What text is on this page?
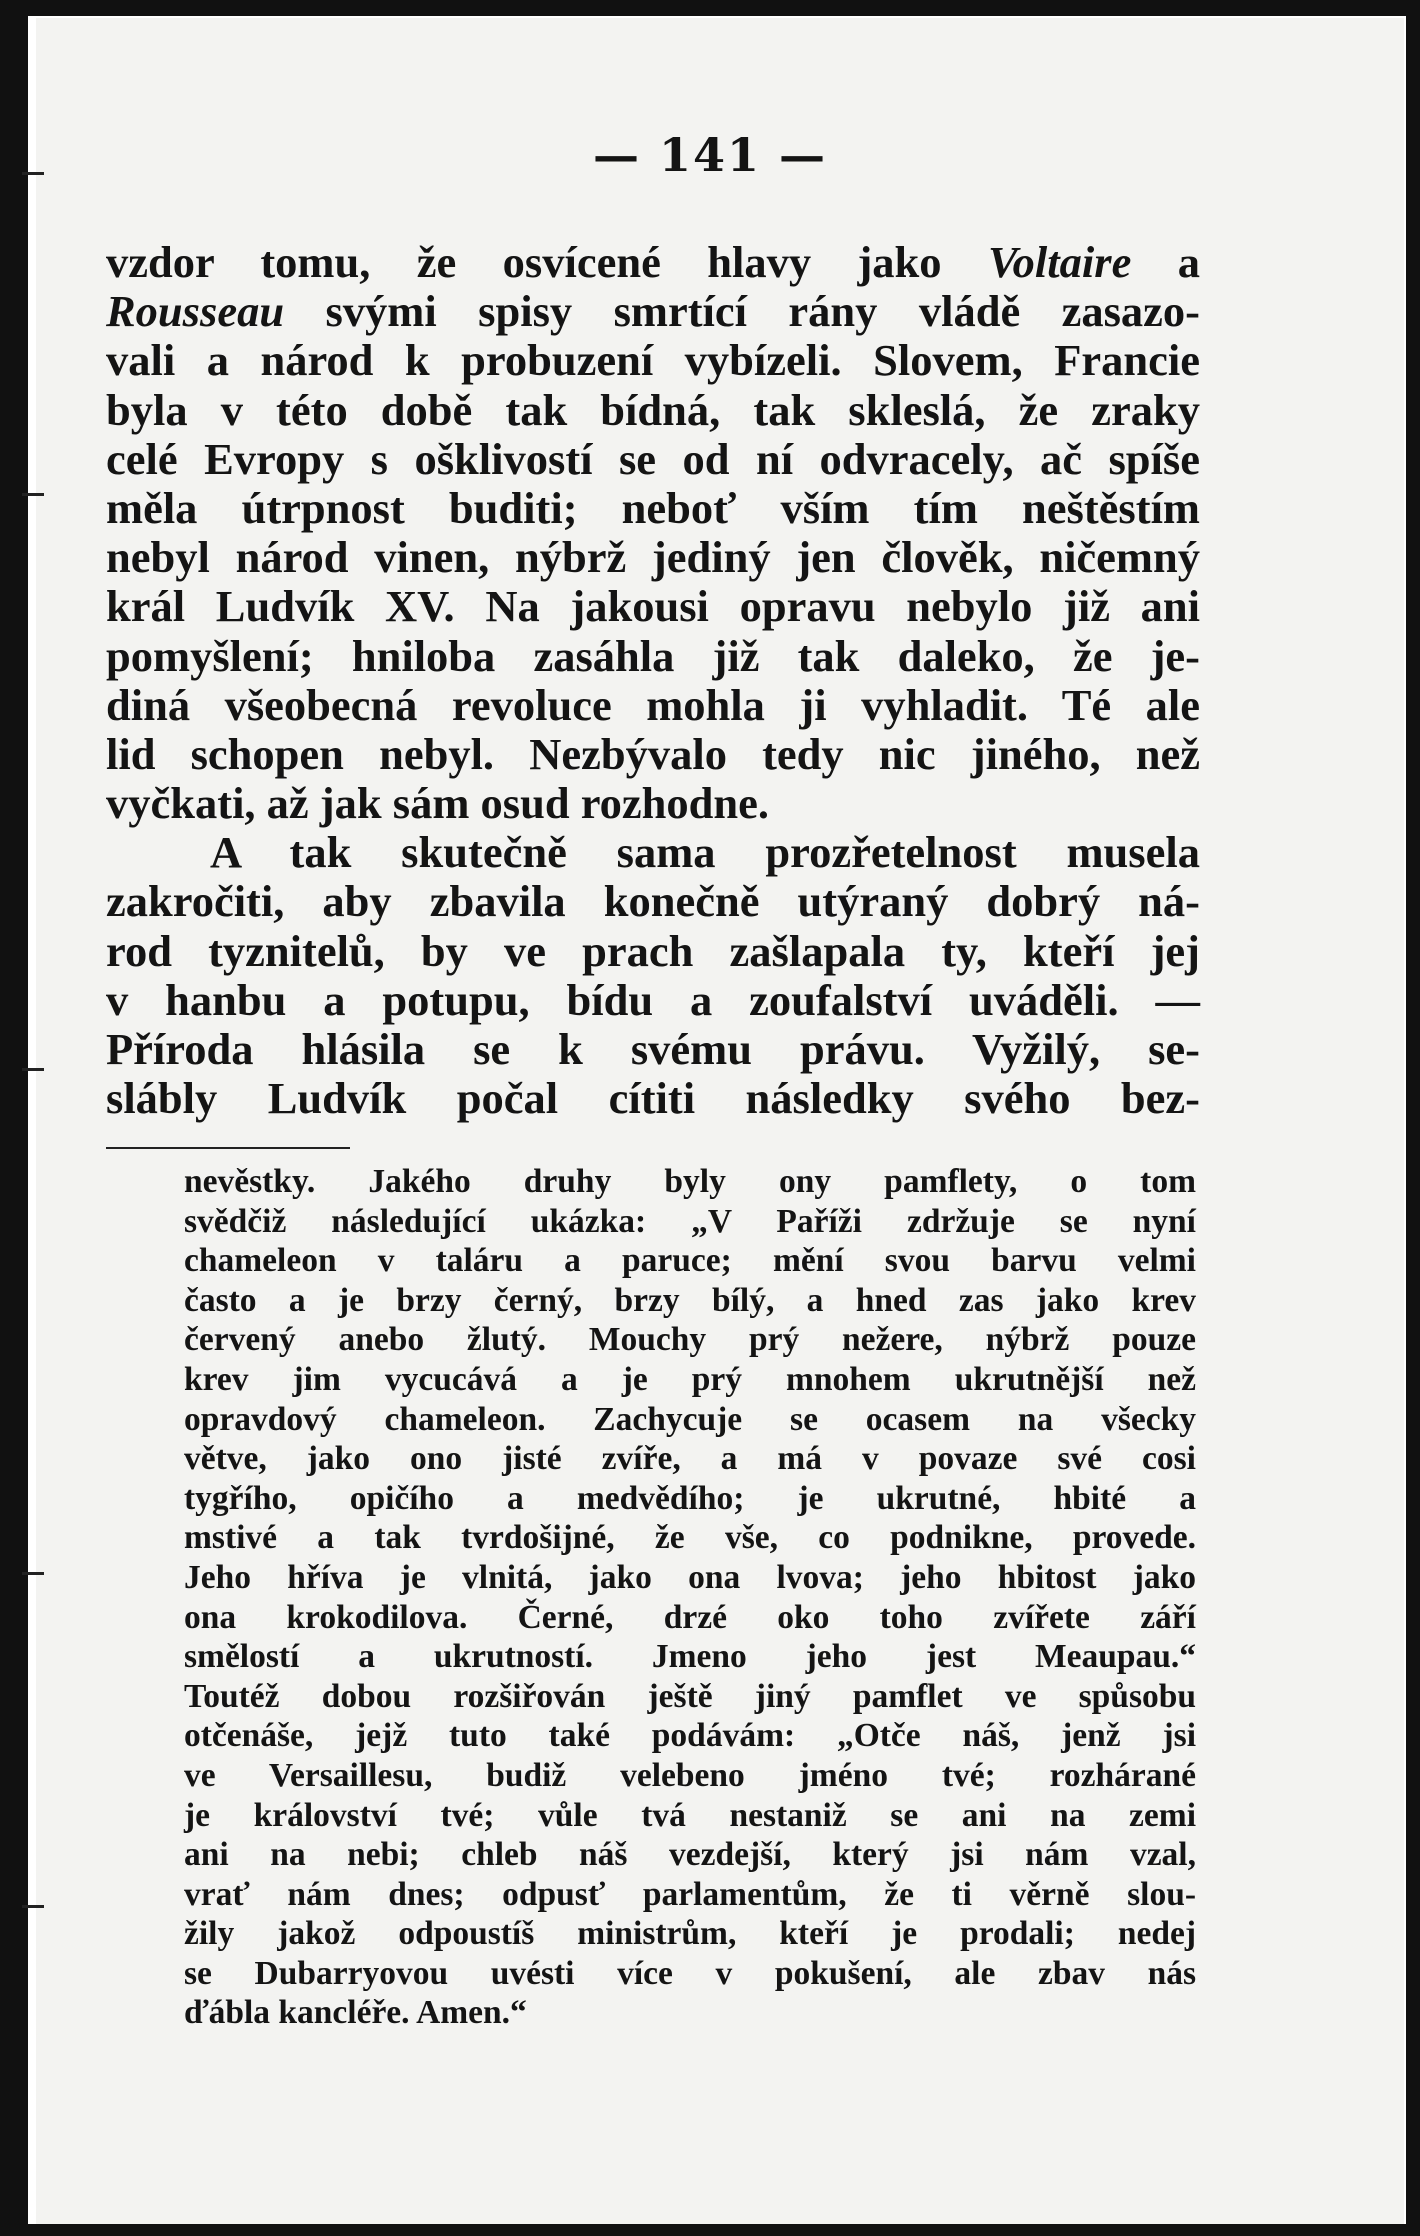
— 141 —
vzdor tomu, že osvícené hlavy jako Voltaire a
Rousseau svými spisy smrtící rány vládě zasazo-
vali a národ k probuzení vybízeli. Slovem, Francie
byla v této době tak bídná, tak skleslá, že zraky
celé Evropy s ošklivostí se od ní odvracely, ač spíše
měla útrpnost buditi; neboť vším tím neštěstím
nebyl národ vinen, nýbrž jediný jen člověk, ničemný
král Ludvík XV. Na jakousi opravu nebylo již ani
pomyšlení; hniloba zasáhla již tak daleko, že je-
diná všeobecná revoluce mohla ji vyhladit. Té ale
lid schopen nebyl. Nezbývalo tedy nic jiného, než
vyčkati, až jak sám osud rozhodne.
A tak skutečně sama prozřetelnost musela
zakročiti, aby zbavila konečně utýraný dobrý ná-
rod tyznitelů, by ve prach zašlapala ty, kteří jej
v hanbu a potupu, bídu a zoufalství uváděli. —
Příroda hlásila se k svému právu. Vyžilý, se-
slábly Ludvík počal cítiti následky svého bez-
nevěstky. Jakého druhy byly ony pamflety, o tom
svědčiž následující ukázka: „V Paříži zdržuje se nyní
chameleon v taláru a paruce; mění svou barvu velmi
často a je brzy černý, brzy bílý, a hned zas jako krev
červený anebo žlutý. Mouchy prý nežere, nýbrž pouze
krev jim vycucává a je prý mnohem ukrutnější než
opravdový chameleon. Zachycuje se ocasem na všecky
větve, jako ono jisté zvíře, a má v povaze své cosi
tygřího, opičího a medvědího; je ukrutné, hbité a
mstivé a tak tvrdošijné, že vše, co podnikne, provede.
Jeho hříva je vlnitá, jako ona lvova; jeho hbitost jako
ona krokodilova. Černé, drzé oko toho zvířete září
smělostí a ukrutností. Jmeno jeho jest Meaupau.“
Toutéž dobou rozšiřován ještě jiný pamflet ve spůsobu
otčenáše, jejž tuto také podávám: „Otče náš, jenž jsi
ve Versaillesu, budiž velebeno jméno tvé; rozhárané
je království tvé; vůle tvá nestaniž se ani na zemi
ani na nebi; chleb náš vezdejší, který jsi nám vzal,
vrať nám dnes; odpusť parlamentům, že ti věrně slou-
žily jakož odpoustíš ministrům, kteří je prodali; nedej
se Dubarryovou uvésti více v pokušení, ale zbav nás
ďábla kancléře. Amen.“
